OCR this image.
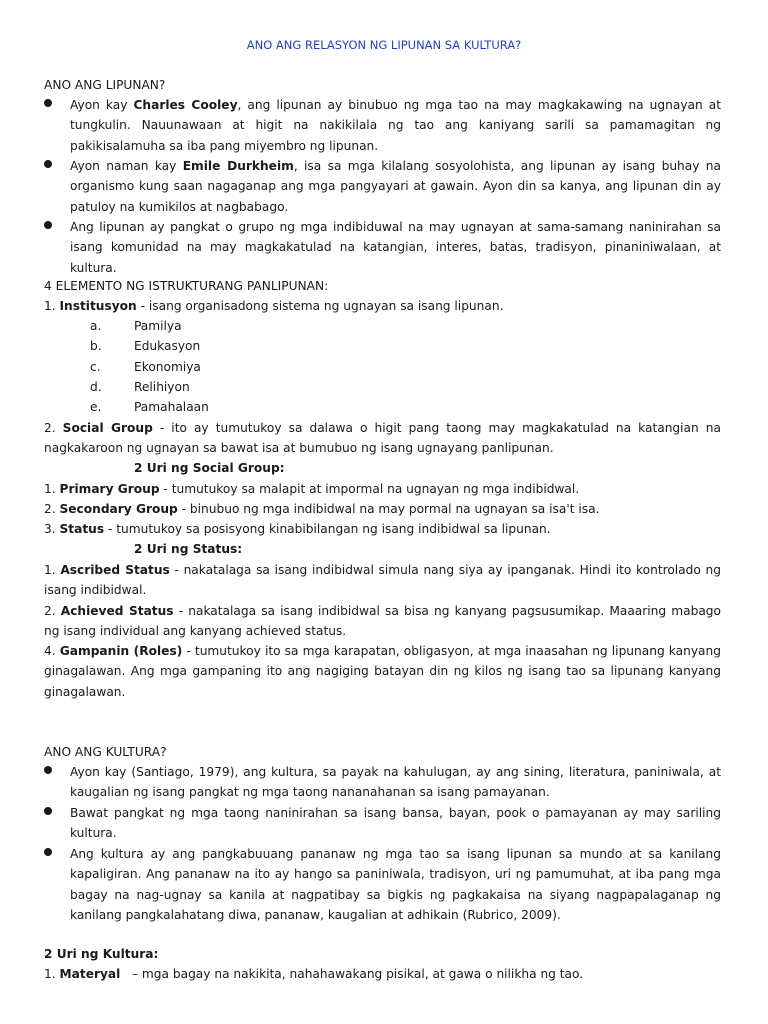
ANO ANG RELASYON NG LIPUNAN SA KULTURA?
ANO ANG LIPUNAN?
Ayon kay Charles Cooley, ang lipunan ay binubuo ng mga tao na may magkakawing na ugnayan at tungkulin. Nauunawaan at higit na nakikilala ng tao ang kaniyang sarili sa pamamagitan ng pakikisalamuha sa iba pang miyembro ng lipunan.
Ayon naman kay Emile Durkheim, isa sa mga kilalang sosyolohista, ang lipunan ay isang buhay na organismo kung saan nagaganap ang mga pangyayari at gawain. Ayon din sa kanya, ang lipunan din ay patuloy na kumikilos at nagbabago.
Ang lipunan ay pangkat o grupo ng mga indibiduwal na may ugnayan at sama-samang naninirahan sa isang komunidad na may magkakatulad na katangian, interes, batas, tradisyon, pinaniniwalaan, at kultura.
4 ELEMENTO NG ISTRUKTURANG PANLIPUNAN:
1. Institusyon - isang organisadong sistema ng ugnayan sa isang lipunan.
a.	Pamilya
b.	Edukasyon
c.	Ekonomiya
d.	Relihiyon
e.	Pamahalaan
2. Social Group - ito ay tumutukoy sa dalawa o higit pang taong may magkakatulad na katangian na nagkakaroon ng ugnayan sa bawat isa at bumubuo ng isang ugnayang panlipunan.
2 Uri ng Social Group:
1. Primary Group - tumutukoy sa malapit at impormal na ugnayan ng mga indibidwal.
2. Secondary Group - binubuo ng mga indibidwal na may pormal na ugnayan sa isa't isa.
3. Status - tumutukoy sa posisyong kinabibilangan ng isang indibidwal sa lipunan.
2 Uri ng Status:
1. Ascribed Status - nakatalaga sa isang indibidwal simula nang siya ay ipanganak. Hindi ito kontrolado ng isang indibidwal.
2. Achieved Status - nakatalaga sa isang indibidwal sa bisa ng kanyang pagsusumikap. Maaaring mabago ng isang individual ang kanyang achieved status.
4. Gampanin (Roles) - tumutukoy ito sa mga karapatan, obligasyon, at mga inaasahan ng lipunang kanyang ginagalawan. Ang mga gampaning ito ang nagiging batayan din ng kilos ng isang tao sa lipunang kanyang ginagalawan.
ANO ANG KULTURA?
Ayon kay (Santiago, 1979), ang kultura, sa payak na kahulugan, ay ang sining, literatura, paniniwala, at kaugalian ng isang pangkat ng mga taong nananahanan sa isang pamayanan.
Bawat pangkat ng mga taong naninirahan sa isang bansa, bayan, pook o pamayanan ay may sariling kultura.
Ang kultura ay ang pangkabuuang pananaw ng mga tao sa isang lipunan sa mundo at sa kanilang kapaligiran. Ang pananaw na ito ay hango sa paniniwala, tradisyon, uri ng pamumuhat, at iba pang mga bagay na nag-ugnay sa kanila at nagpatibay sa bigkis ng pagkakaisa na siyang nagpapalaganap ng kanilang pangkalahatang diwa, pananaw, kaugalian at adhikain (Rubrico, 2009).
2 Uri ng Kultura:
1. Materyal   – mga bagay na nakikita, nahahawakang pisikal, at gawa o nilikha ng tao.
